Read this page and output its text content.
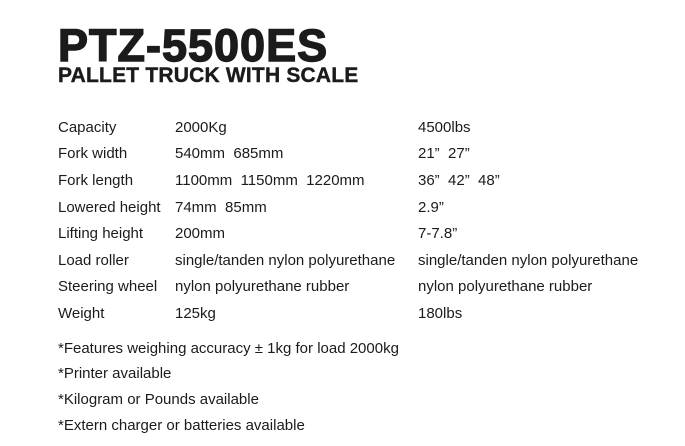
PTZ-5500ES
PALLET TRUCK WITH SCALE
Capacity	2000Kg	4500lbs
Fork width	540mm  685mm	21”  27”
Fork length	1100mm  1150mm  1220mm	36”  42”  48”
Lowered height 74mm  85mm	2.9”
Lifting height	200mm	7-7.8”
Load roller	single/tanden nylon polyurethane	single/tanden nylon polyurethane
Steering wheel	nylon polyurethane rubber	nylon polyurethane rubber
Weight	125kg	180lbs
*Features weighing accuracy ± 1kg for load 2000kg
*Printer available
*Kilogram or Pounds available
*Extern charger or batteries available
